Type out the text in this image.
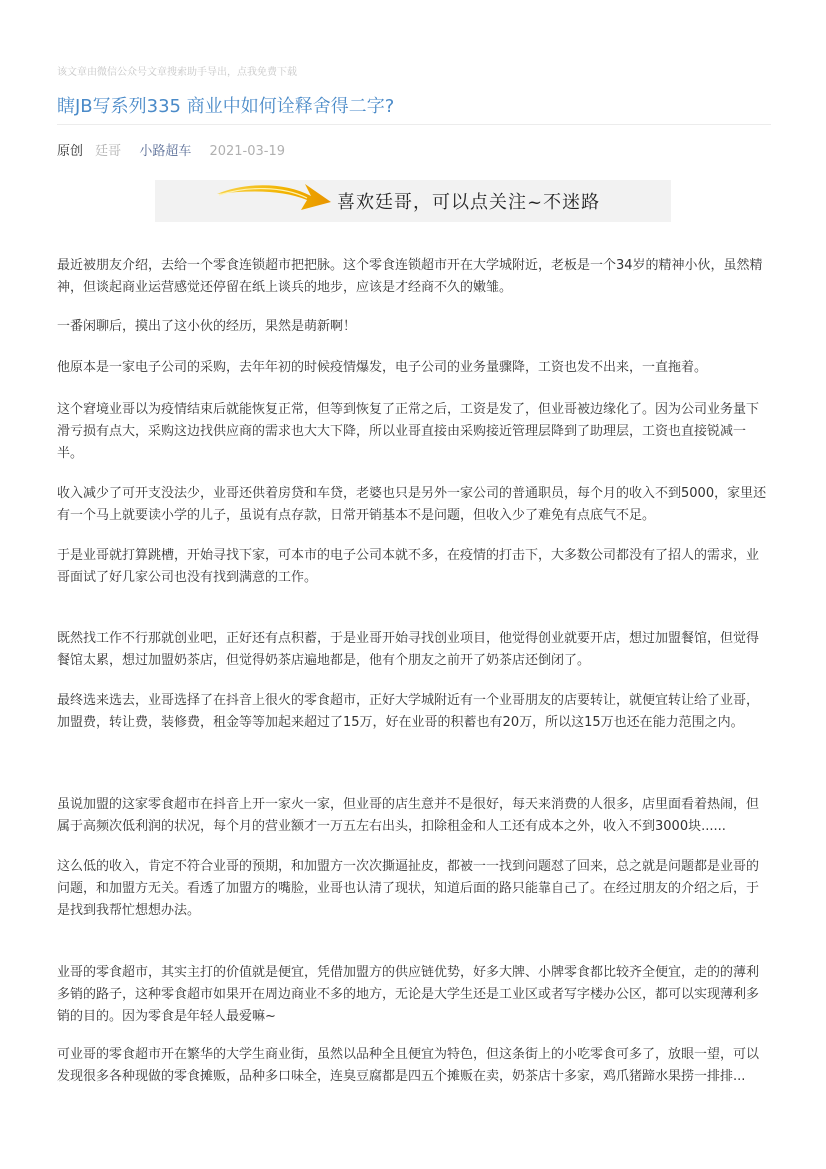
该文章由微信公众号文章搜索助手导出，点我免费下载
瞎JB写系列335 商业中如何诠释舍得二字?
原创 廷哥 小路超车 2021-03-19
喜欢廷哥，可以点关注~不迷路

最近被朋友介绍，去给一个零食连锁超市把把脉。这个零食连锁超市开在大学城附近，老板是一个34岁的精神小伙，虽然精神，但谈起商业运营感觉还停留在纸上谈兵的地步，应该是才经商不久的嫩雏。

一番闲聊后，摸出了这小伙的经历，果然是萌新啊！

他原本是一家电子公司的采购，去年年初的时候疫情爆发，电子公司的业务量骤降，工资也发不出来，一直拖着。

这个窘境业哥以为疫情结束后就能恢复正常，但等到恢复了正常之后，工资是发了，但业哥被边缘化了。因为公司业务量下滑亏损有点大，采购这边找供应商的需求也大大下降，所以业哥直接由采购接近管理层降到了助理层，工资也直接锐减一半。

收入减少了可开支没法少，业哥还供着房贷和车贷，老婆也只是另外一家公司的普通职员，每个月的收入不到5000，家里还有一个马上就要读小学的儿子，虽说有点存款，日常开销基本不是问题，但收入少了难免有点底气不足。

于是业哥就打算跳槽，开始寻找下家，可本市的电子公司本就不多，在疫情的打击下，大多数公司都没有了招人的需求，业哥面试了好几家公司也没有找到满意的工作。

既然找工作不行那就创业吧，正好还有点积蓄，于是业哥开始寻找创业项目，他觉得创业就要开店，想过加盟餐馆，但觉得餐馆太累，想过加盟奶茶店，但觉得奶茶店遍地都是，他有个朋友之前开了奶茶店还倒闭了。

最终选来选去，业哥选择了在抖音上很火的零食超市，正好大学城附近有一个业哥朋友的店要转让，就便宜转让给了业哥，加盟费，转让费，装修费，租金等等加起来超过了15万，好在业哥的积蓄也有20万，所以这15万也还在能力范围之内。

虽说加盟的这家零食超市在抖音上开一家火一家，但业哥的店生意并不是很好，每天来消费的人很多，店里面看着热闹，但属于高频次低利润的状况，每个月的营业额才一万五左右出头，扣除租金和人工还有成本之外，收入不到3000块......

这么低的收入，肯定不符合业哥的预期，和加盟方一次次撕逼扯皮，都被一一找到问题怼了回来，总之就是问题都是业哥的问题，和加盟方无关。看透了加盟方的嘴脸，业哥也认清了现状，知道后面的路只能靠自己了。在经过朋友的介绍之后，于是找到我帮忙想想办法。

业哥的零食超市，其实主打的价值就是便宜，凭借加盟方的供应链优势，好多大牌、小牌零食都比较齐全便宜，走的的薄利多销的路子，这种零食超市如果开在周边商业不多的地方，无论是大学生还是工业区或者写字楼办公区，都可以实现薄利多销的目的。因为零食是年轻人最爱嘛~

可业哥的零食超市开在繁华的大学生商业街，虽然以品种全且便宜为特色，但这条街上的小吃零食可多了，放眼一望，可以发现很多各种现做的零食摊贩，品种多口味全，连臭豆腐都是四五个摊贩在卖，奶茶店十多家，鸡爪猪蹄水果捞一排排...
